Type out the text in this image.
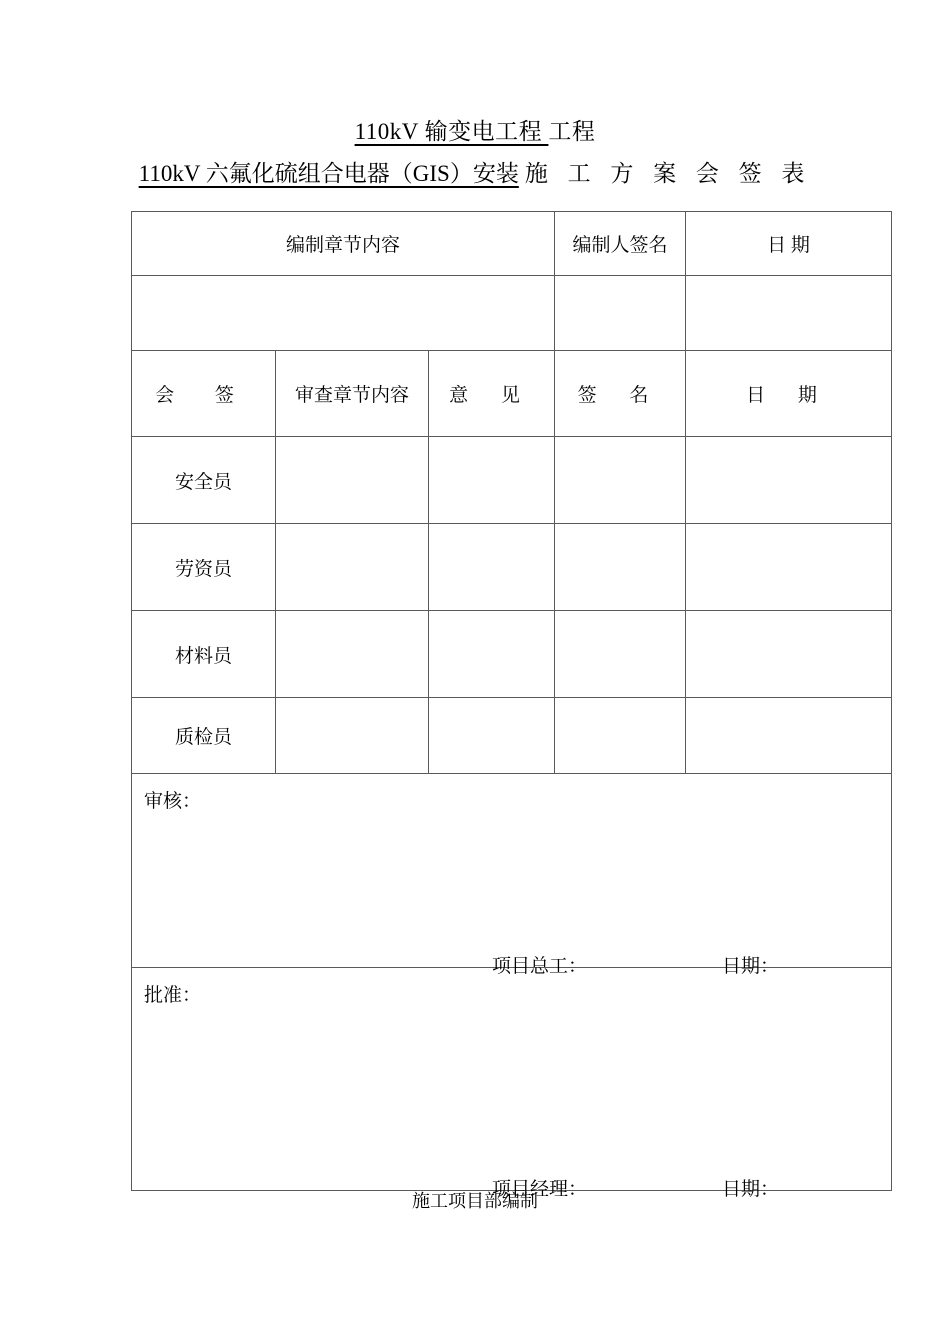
110kV 输变电工程 工程
110kV 六氟化硫组合电器（GIS）安装 施 工 方 案 会 签 表
编制章节内容			编制人签名	日 期

会 签	审查章节内容	意 见	签 名	日 期
安全员				
劳资员				
材料员				
质检员				

审核：
项目总工： 日期：				

批准：
项目经理： 日期：				
施工项目部编制
